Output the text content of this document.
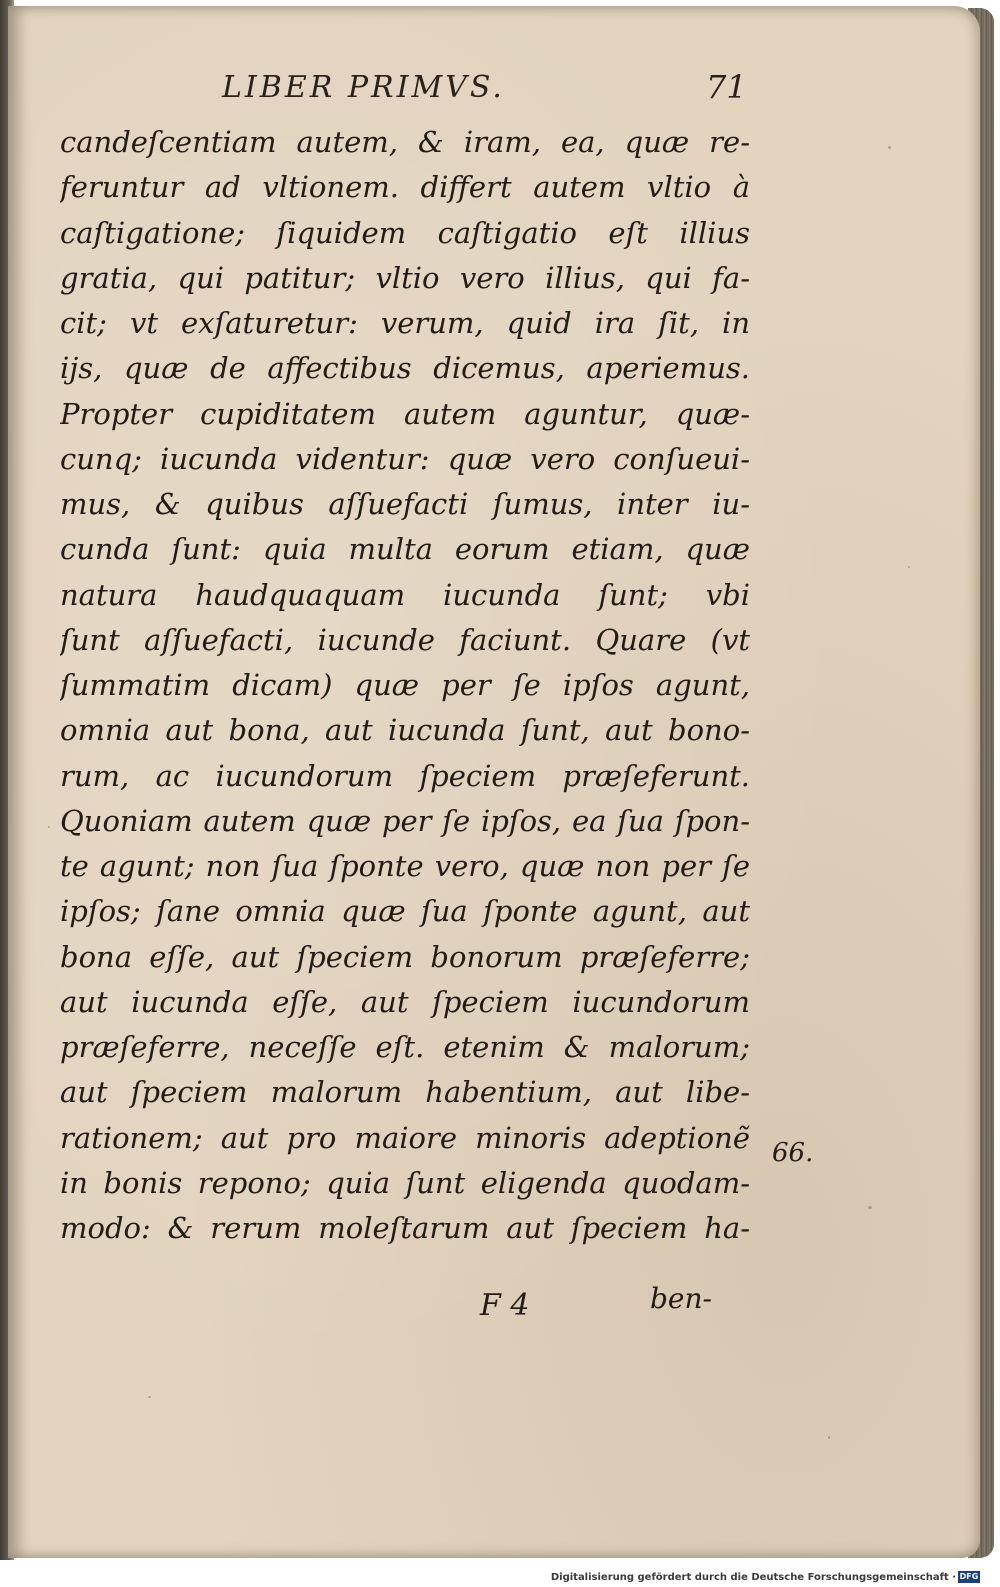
LIBER PRIMVS.	71
candeſcentiam autem, & iram, ea, quæ re-
feruntur ad vltionem. differt autem vltio à
caſtigatione; ſiquidem caſtigatio eſt illius
gratia, qui patitur; vltio vero illius, qui fa-
cit; vt exſaturetur: verum, quid ira ſit, in
ijs, quæ de affectibus dicemus, aperiemus.
Propter cupiditatem autem aguntur, quæ-
cunq; iucunda videntur: quæ vero conſueui-
mus, & quibus aſſuefacti ſumus, inter iu-
cunda ſunt: quia multa eorum etiam, quæ
natura haudquaquam iucunda ſunt; vbi
ſunt aſſuefacti, iucunde faciunt. Quare (vt
ſummatim dicam) quæ per ſe ipſos agunt,
omnia aut bona, aut iucunda ſunt, aut bono-
rum, ac iucundorum ſpeciem præſeferunt.
Quoniam autem quæ per ſe ipſos, ea ſua ſpon-
te agunt; non ſua ſponte vero, quæ non per ſe
ipſos; ſane omnia quæ ſua ſponte agunt, aut
bona eſſe, aut ſpeciem bonorum præſeferre;
aut iucunda eſſe, aut ſpeciem iucundorum
præſeferre, neceſſe eſt. etenim & malorum;
aut ſpeciem malorum habentium, aut libe-
rationem; aut pro maiore minoris adeptionẽ
in bonis repono; quia ſunt eligenda quodam-
modo: & rerum moleſtarum aut ſpeciem ha-
66.
F 4	ben-
Digitalisierung gefördert durch die Deutsche Forschungsgemeinschaft · DFG
